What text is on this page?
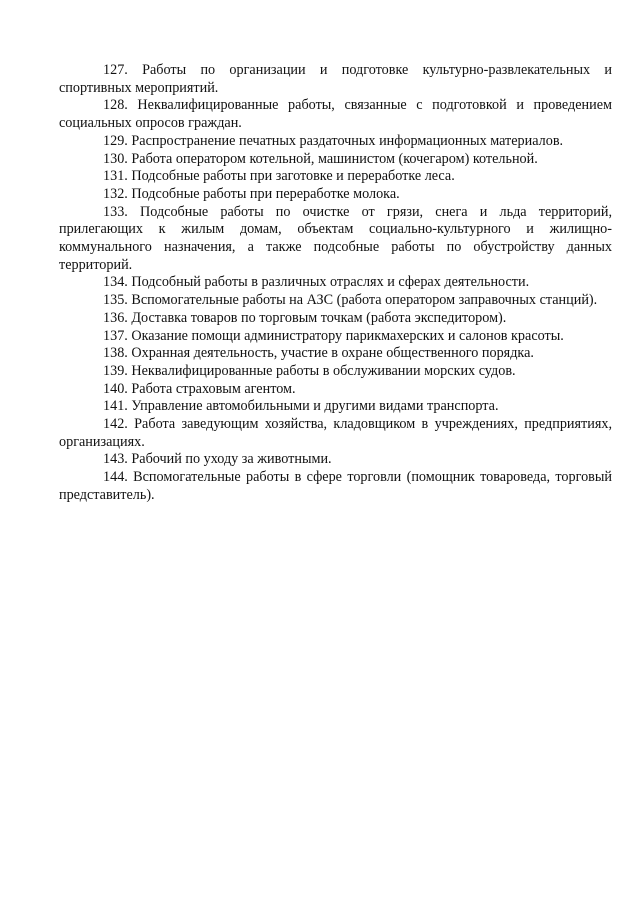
127. Работы по организации и подготовке культурно-развлекательных и спортивных мероприятий.

128. Неквалифицированные работы, связанные с подготовкой и проведением социальных опросов граждан.

129. Распространение печатных раздаточных информационных материалов.

130. Работа оператором котельной, машинистом (кочегаром) котельной.

131. Подсобные работы при заготовке и переработке леса.

132. Подсобные работы при переработке молока.

133. Подсобные работы по очистке от грязи, снега и льда территорий, прилегающих к жилым домам, объектам социально-культурного и жилищно-коммунального назначения, а также подсобные работы по обустройству данных территорий.

134. Подсобный работы в различных отраслях и сферах деятельности.

135. Вспомогательные работы на АЗС (работа оператором заправочных станций).

136. Доставка товаров по торговым точкам (работа экспедитором).

137. Оказание помощи администратору парикмахерских и салонов красоты.

138. Охранная деятельность, участие в охране общественного порядка.

139. Неквалифицированные работы в обслуживании морских судов.

140. Работа страховым агентом.

141. Управление автомобильными и другими видами транспорта.

142. Работа заведующим хозяйства, кладовщиком в учреждениях, предприятиях, организациях.

143. Рабочий по уходу за животными.

144. Вспомогательные работы в сфере торговли (помощник товароведа, торговый представитель).
